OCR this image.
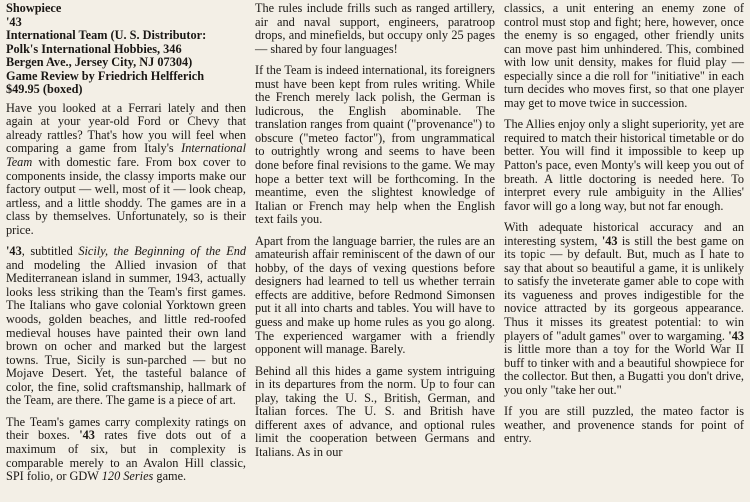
Showpiece
'43
International Team (U. S. Distributor:
Polk's International Hobbies, 346
Bergen Ave., Jersey City, NJ 07304)
Game Review by Friedrich Helfferich
$49.95 (boxed)

Have you looked at a Ferrari lately and then again at your year-old Ford or Chevy that already rattles? That's how you will feel when comparing a game from Italy's International Team with domestic fare. From box cover to components inside, the classy imports make our factory output — well, most of it — look cheap, artless, and a little shoddy. The games are in a class by themselves. Unfortunately, so is their price.

'43, subtitled Sicily, the Beginning of the End and modeling the Allied invasion of that Mediterranean island in summer, 1943, actually looks less striking than the Team's first games. The Italians who gave colonial Yorktown green woods, golden beaches, and little red-roofed medieval houses have painted their own land brown on ocher and marked but the largest towns. True, Sicily is sun-parched — but no Mojave Desert. Yet, the tasteful balance of color, the fine, solid craftsmanship, hallmark of the Team, are there. The game is a piece of art.

The Team's games carry complexity ratings on their boxes. '43 rates five dots out of a maximum of six, but in complexity is comparable merely to an Avalon Hill classic, SPI folio, or GDW 120 Series game.

The rules include frills such as ranged artillery, air and naval support, engineers, paratroop drops, and minefields, but occupy only 25 pages — shared by four languages!

If the Team is indeed international, its foreigners must have been kept from rules writing. While the French merely lack polish, the German is ludicrous, the English abominable. The translation ranges from quaint ("provenance") to obscure ("meteo factor"), from ungrammatical to outrightly wrong and seems to have been done before final revisions to the game. We may hope a better text will be forthcoming. In the meantime, even the slightest knowledge of Italian or French may help when the English text fails you.

Apart from the language barrier, the rules are an amateurish affair reminiscent of the dawn of our hobby, of the days of vexing questions before designers had learned to tell us whether terrain effects are additive, before Redmond Simonsen put it all into charts and tables. You will have to guess and make up home rules as you go along. The experienced wargamer with a friendly opponent will manage. Barely.

Behind all this hides a game system intriguing in its departures from the norm. Up to four can play, taking the U. S., British, German, and Italian forces. The U. S. and British have different axes of advance, and optional rules limit the cooperation between Germans and Italians. As in our

classics, a unit entering an enemy zone of control must stop and fight; here, however, once the enemy is so engaged, other friendly units can move past him unhindered. This, combined with low unit density, makes for fluid play — especially since a die roll for "initiative" in each turn decides who moves first, so that one player may get to move twice in succession.

The Allies enjoy only a slight superiority, yet are required to match their historical timetable or do better. You will find it impossible to keep up Patton's pace, even Monty's will keep you out of breath. A little doctoring is needed here. To interpret every rule ambiguity in the Allies' favor will go a long way, but not far enough.

With adequate historical accuracy and an interesting system, '43 is still the best game on its topic — by default. But, much as I hate to say that about so beautiful a game, it is unlikely to satisfy the inveterate gamer able to cope with its vagueness and proves indigestible for the novice attracted by its gorgeous appearance. Thus it misses its greatest potential: to win players of "adult games" over to wargaming. '43 is little more than a toy for the World War II buff to tinker with and a beautiful showpiece for the collector. But then, a Bugatti you don't drive, you only "take her out."

If you are still puzzled, the mateo factor is weather, and provenence stands for point of entry.
